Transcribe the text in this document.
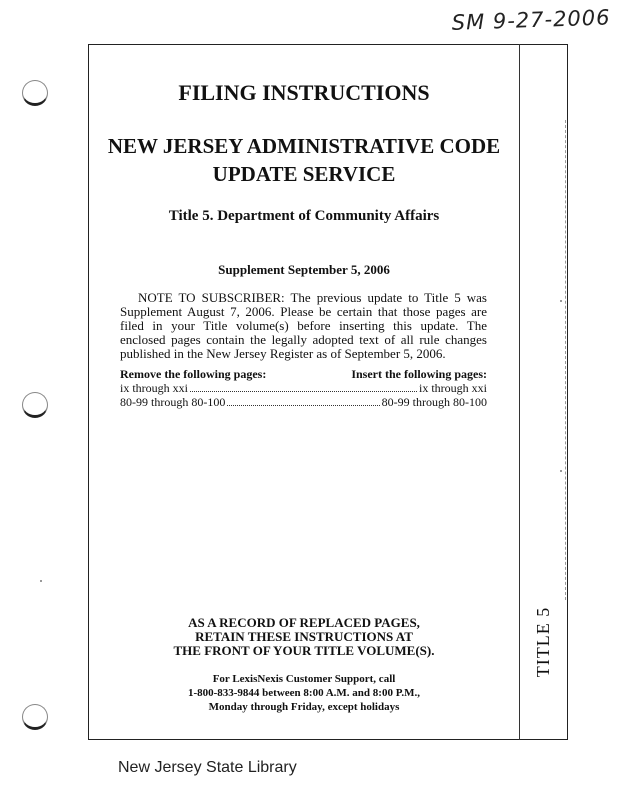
SM 9-27-2006
FILING INSTRUCTIONS
NEW JERSEY ADMINISTRATIVE CODE
UPDATE SERVICE
Title 5. Department of Community Affairs
Supplement September 5, 2006
NOTE TO SUBSCRIBER: The previous update to Title 5 was Supplement August 7, 2006. Please be certain that those pages are filed in your Title volume(s) before inserting this update. The enclosed pages contain the legally adopted text of all rule changes published in the New Jersey Register as of September 5, 2006.
Remove the following pages:	Insert the following pages:
ix through xxi	ix through xxi
80-99 through 80-100	80-99 through 80-100
AS A RECORD OF REPLACED PAGES,
RETAIN THESE INSTRUCTIONS AT
THE FRONT OF YOUR TITLE VOLUME(S).
For LexisNexis Customer Support, call
1-800-833-9844 between 8:00 A.M. and 8:00 P.M.,
Monday through Friday, except holidays
TITLE 5
New Jersey State Library
